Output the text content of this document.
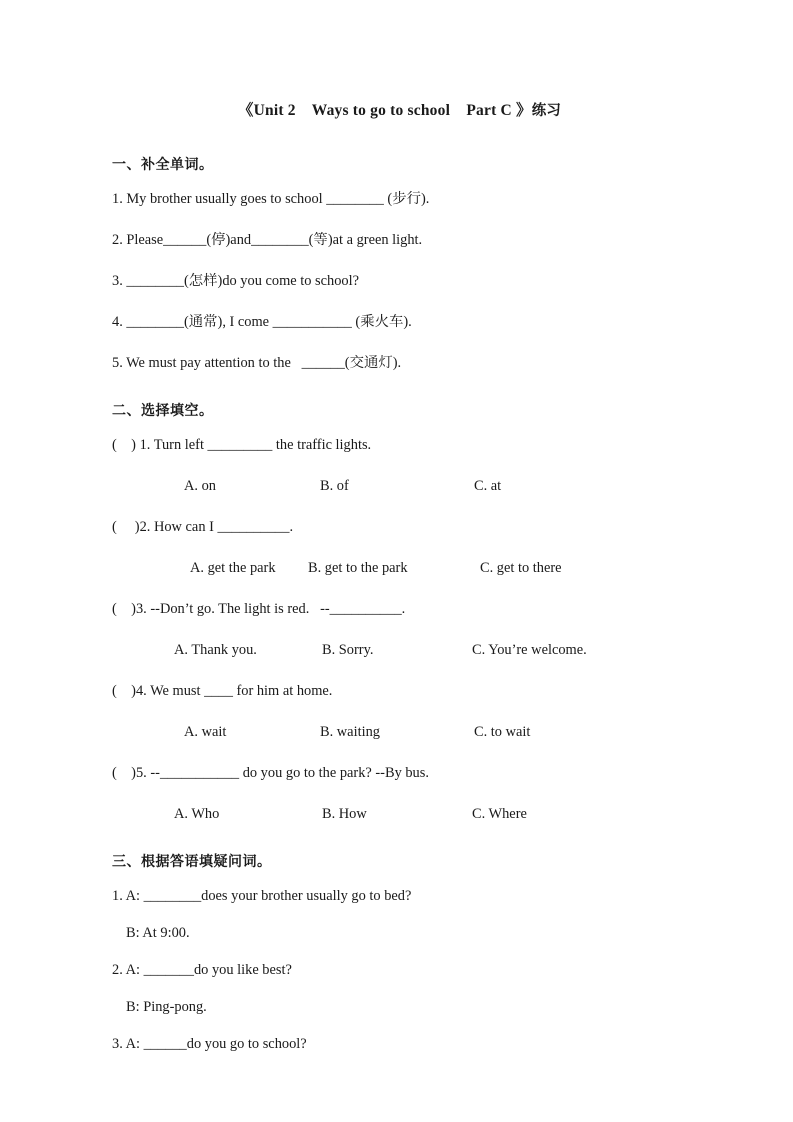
《Unit 2    Ways to go to school    Part C 》练习
一、补全单词。
1. My brother usually goes to school ________ (步行).
2. Please______(停)and________(等)at a green light.
3. ________(怎样)do you come to school?
4. ________(通常), I come ___________ (乘火车).
5. We must pay attention to the   ______(交通灯).
二、选择填空。
(    ) 1. Turn left _________ the traffic lights.

A. on

	B. of

	C. at

(     )2. How can I __________.

A. get the park

B. get to the park

	C. get to there

(    )3. --Don’t go. The light is red.   --__________.

A. Thank you.

	B. Sorry.

	C. You’re welcome.

(    )4. We must ____ for him at home.

A. wait

	B. waiting

	C. to wait

(    )5. --___________ do you go to the park? --By bus.

A. Who

	B. How

	C. Where

三、根据答语填疑问词。
1. A: ________does your brother usually go to bed?
B: At 9:00.
2. A: _______do you like best?
B: Ping-pong.
3. A: ______do you go to school?
